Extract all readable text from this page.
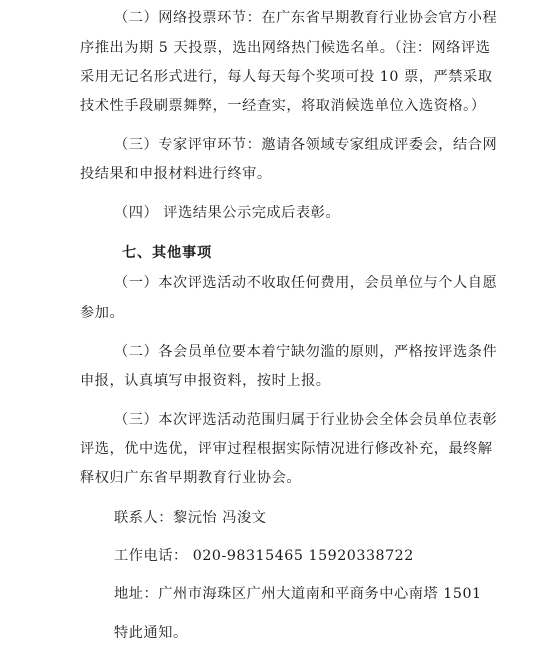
（二）网络投票环节：在广东省早期教育行业协会官方小程
序推出为期 5 天投票，选出网络热门候选名单。（注：网络评选
采用无记名形式进行，每人每天每个奖项可投 10 票，严禁采取
技术性手段刷票舞弊，一经查实，将取消候选单位入选资格。）
（三）专家评审环节：邀请各领域专家组成评委会，结合网
投结果和申报材料进行终审。
（四） 评选结果公示完成后表彰。
七、其他事项
（一）本次评选活动不收取任何费用，会员单位与个人自愿
参加。
（二）各会员单位要本着宁缺勿滥的原则，严格按评选条件
申报，认真填写申报资料，按时上报。
（三）本次评选活动范围归属于行业协会全体会员单位表彰
评选，优中选优，评审过程根据实际情况进行修改补充，最终解
释权归广东省早期教育行业协会。
联系人：黎沅怡 冯浚文
工作电话： 020-98315465 15920338722
地址：广州市海珠区广州大道南和平商务中心南塔 1501
特此通知。
